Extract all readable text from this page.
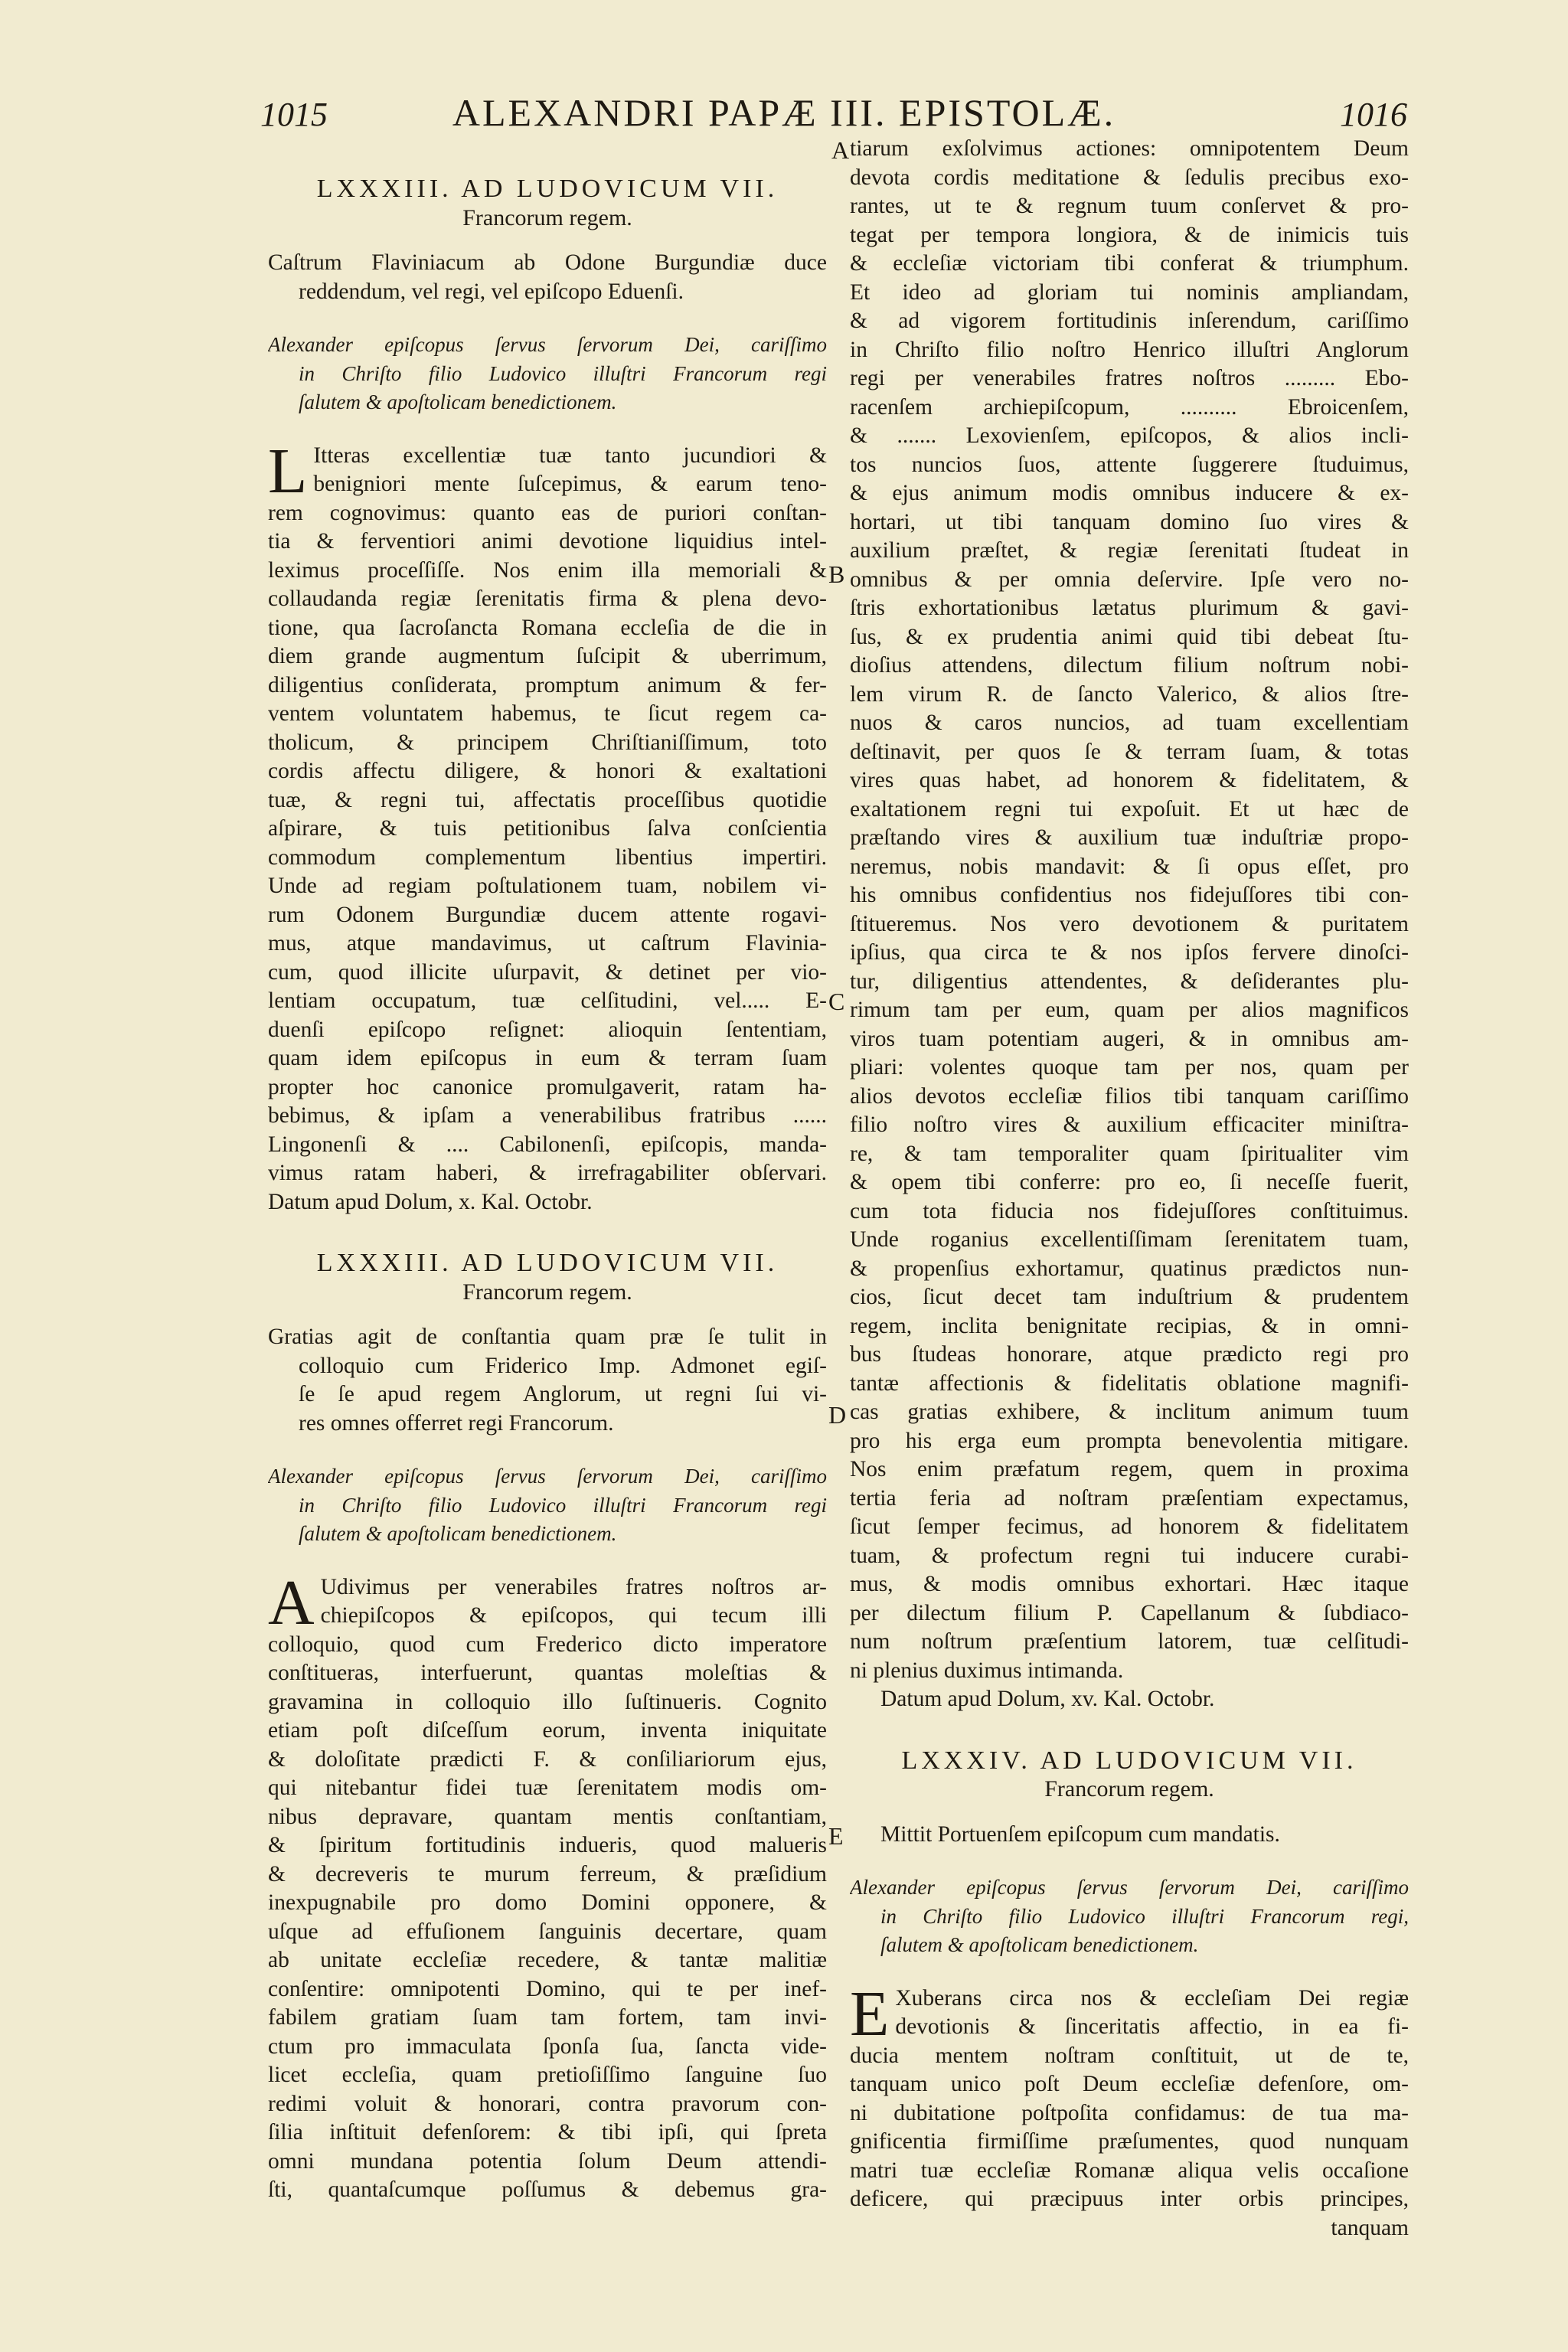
1015	ALEXANDRI PAPÆ III. EPISTOLÆ.	1016
A
B
C
D
E
LXXXIII. AD LUDOVICUM VII.
Francorum regem.
Caſtrum Flaviniacum ab Odone Burgundiæ duce
reddendum, vel regi, vel epiſcopo Eduenſi.
Alexander epiſcopus ſervus ſervorum Dei, cariſſimo
in Chriſto filio Ludovico illuſtri Francorum regi
ſalutem & apoſtolicam benedictionem.
L Itteras excellentiæ tuæ tanto jucundiori &
benigniori mente ſuſcepimus, & earum teno-
rem cognovimus: quanto eas de puriori conſtan-
tia & ferventiori animi devotione liquidius intel-
leximus proceſſiſſe. Nos enim illa memoriali &
collaudanda regiæ ſerenitatis firma & plena devo-
tione, qua ſacroſancta Romana eccleſia de die in
diem grande augmentum ſuſcipit & uberrimum,
diligentius conſiderata, promptum animum & fer-
ventem voluntatem habemus, te ſicut regem ca-
tholicum, & principem Chriſtianiſſimum, toto
cordis affectu diligere, & honori & exaltationi
tuæ, & regni tui, affectatis proceſſibus quotidie
aſpirare, & tuis petitionibus ſalva conſcientia
commodum complementum libentius impertiri.
Unde ad regiam poſtulationem tuam, nobilem vi-
rum Odonem Burgundiæ ducem attente rogavi-
mus, atque mandavimus, ut caſtrum Flavinia-
cum, quod illicite uſurpavit, & detinet per vio-
lentiam occupatum, tuæ celſitudini, vel..... E-
duenſi epiſcopo reſignet: alioquin ſententiam,
quam idem epiſcopus in eum & terram ſuam
propter hoc canonice promulgaverit, ratam ha-
bebimus, & ipſam a venerabilibus fratribus ......
Lingonenſi & .... Cabilonenſi, epiſcopis, manda-
vimus ratam haberi, & irrefragabiliter obſervari.
Datum apud Dolum, x. Kal. Octobr.
LXXXIII. AD LUDOVICUM VII.
Francorum regem.
Gratias agit de conſtantia quam præ ſe tulit in
colloquio cum Friderico Imp. Admonet egiſ-
ſe ſe apud regem Anglorum, ut regni ſui vi-
res omnes offerret regi Francorum.
Alexander epiſcopus ſervus ſervorum Dei, cariſſimo
in Chriſto filio Ludovico illuſtri Francorum regi
ſalutem & apoſtolicam benedictionem.
A Udivimus per venerabiles fratres noſtros ar-
chiepiſcopos & epiſcopos, qui tecum illi
colloquio, quod cum Frederico dicto imperatore
conſtitueras, interfuerunt, quantas moleſtias &
gravamina in colloquio illo ſuſtinueris. Cognito
etiam poſt diſceſſum eorum, inventa iniquitate
& doloſitate prædicti F. & conſiliariorum ejus,
qui nitebantur fidei tuæ ſerenitatem modis om-
nibus depravare, quantam mentis conſtantiam,
& ſpiritum fortitudinis indueris, quod malueris
& decreveris te murum ferreum, & præſidium
inexpugnabile pro domo Domini opponere, &
uſque ad effuſionem ſanguinis decertare, quam
ab unitate eccleſiæ recedere, & tantæ malitiæ
conſentire: omnipotenti Domino, qui te per inef-
fabilem gratiam ſuam tam fortem, tam invi-
ctum pro immaculata ſponſa ſua, ſancta vide-
licet eccleſia, quam pretioſiſſimo ſanguine ſuo
redimi voluit & honorari, contra pravorum con-
ſilia inſtituit defenſorem: & tibi ipſi, qui ſpreta
omni mundana potentia ſolum Deum attendi-
ſti, quantaſcumque poſſumus & debemus gra-
tiarum exſolvimus actiones: omnipotentem Deum
devota cordis meditatione & ſedulis precibus exo-
rantes, ut te & regnum tuum conſervet & pro-
tegat per tempora longiora, & de inimicis tuis
& eccleſiæ victoriam tibi conferat & triumphum.
Et ideo ad gloriam tui nominis ampliandam,
& ad vigorem fortitudinis inſerendum, cariſſimo
in Chriſto filio noſtro Henrico illuſtri Anglorum
regi per venerabiles fratres noſtros ......... Ebo-
racenſem archiepiſcopum, .......... Ebroicenſem,
& ....... Lexovienſem, epiſcopos, & alios incli-
tos nuncios ſuos, attente ſuggerere ſtuduimus,
& ejus animum modis omnibus inducere & ex-
hortari, ut tibi tanquam domino ſuo vires &
auxilium præſtet, & regiæ ſerenitati ſtudeat in
omnibus & per omnia deſervire. Ipſe vero no-
ſtris exhortationibus lætatus plurimum & gavi-
ſus, & ex prudentia animi quid tibi debeat ſtu-
dioſius attendens, dilectum filium noſtrum nobi-
lem virum R. de ſancto Valerico, & alios ſtre-
nuos & caros nuncios, ad tuam excellentiam
deſtinavit, per quos ſe & terram ſuam, & totas
vires quas habet, ad honorem & fidelitatem, &
exaltationem regni tui expoſuit. Et ut hæc de
præſtando vires & auxilium tuæ induſtriæ propo-
neremus, nobis mandavit: & ſi opus eſſet, pro
his omnibus confidentius nos fidejuſſores tibi con-
ſtitueremus. Nos vero devotionem & puritatem
ipſius, qua circa te & nos ipſos fervere dinoſci-
tur, diligentius attendentes, & deſiderantes plu-
rimum tam per eum, quam per alios magnificos
viros tuam potentiam augeri, & in omnibus am-
pliari: volentes quoque tam per nos, quam per
alios devotos eccleſiæ filios tibi tanquam cariſſimo
filio noſtro vires & auxilium efficaciter miniſtra-
re, & tam temporaliter quam ſpiritualiter vim
& opem tibi conferre: pro eo, ſi neceſſe fuerit,
cum tota fiducia nos fidejuſſores conſtituimus.
Unde roganius excellentiſſimam ſerenitatem tuam,
& propenſius exhortamur, quatinus prædictos nun-
cios, ſicut decet tam induſtrium & prudentem
regem, inclita benignitate recipias, & in omni-
bus ſtudeas honorare, atque prædicto regi pro
tantæ affectionis & fidelitatis oblatione magnifi-
cas gratias exhibere, & inclitum animum tuum
pro his erga eum prompta benevolentia mitigare.
Nos enim præfatum regem, quem in proxima
tertia feria ad noſtram præſentiam expectamus,
ſicut ſemper fecimus, ad honorem & fidelitatem
tuam, & profectum regni tui inducere curabi-
mus, & modis omnibus exhortari. Hæc itaque
per dilectum filium P. Capellanum & ſubdiaco-
num noſtrum præſentium latorem, tuæ celſitudi-
ni plenius duximus intimanda.
Datum apud Dolum, xv. Kal. Octobr.
LXXXIV. AD LUDOVICUM VII.
Francorum regem.
Mittit Portuenſem epiſcopum cum mandatis.
Alexander epiſcopus ſervus ſervorum Dei, cariſſimo
in Chriſto filio Ludovico illuſtri Francorum regi,
ſalutem & apoſtolicam benedictionem.
E Xuberans circa nos & eccleſiam Dei regiæ
devotionis & ſinceritatis affectio, in ea fi-
ducia mentem noſtram conſtituit, ut de te,
tanquam unico poſt Deum eccleſiæ defenſore, om-
ni dubitatione poſtpoſita confidamus: de tua ma-
gnificentia firmiſſime præſumentes, quod nunquam
matri tuæ eccleſiæ Romanæ aliqua velis occaſione
deficere, qui præcipuus inter orbis principes,
tanquam
